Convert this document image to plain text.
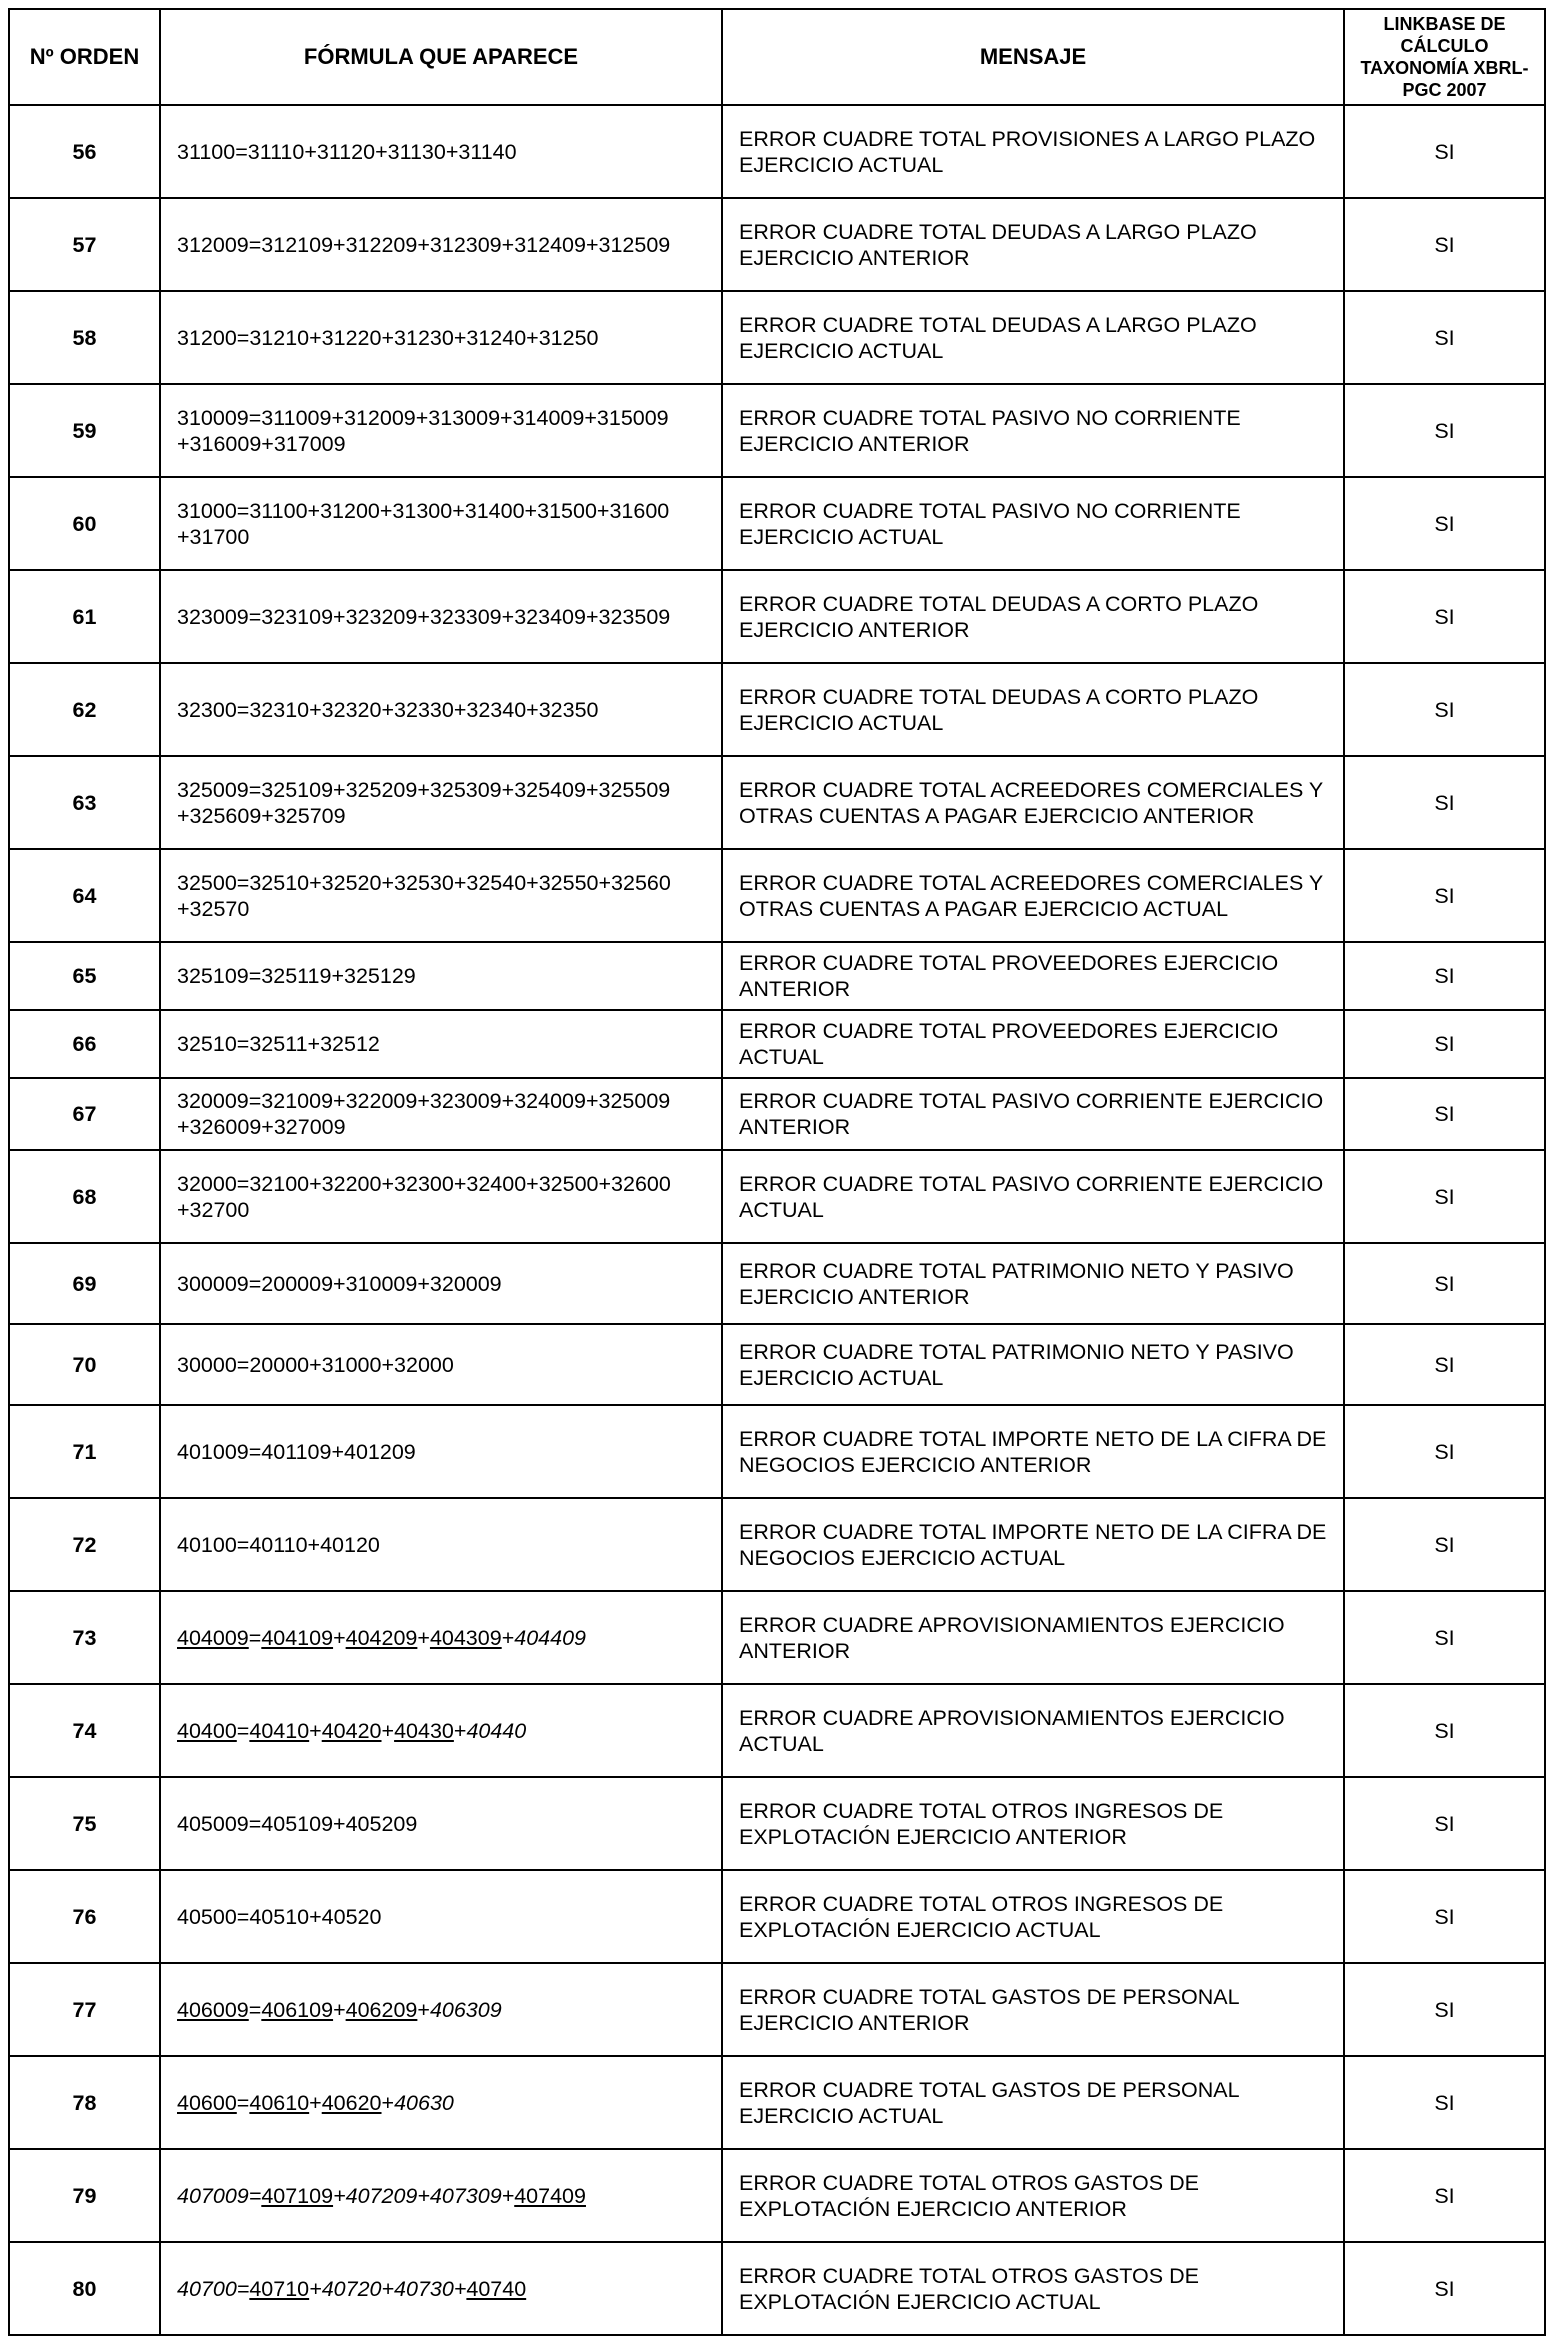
Nº ORDEN	FÓRMULA QUE APARECE	MENSAJE	LINKBASE DE CÁLCULO TAXONOMÍA XBRL-PGC 2007
56	31100=31110+31120+31130+31140	ERROR CUADRE TOTAL PROVISIONES A LARGO PLAZO EJERCICIO ACTUAL	SI
57	312009=312109+312209+312309+312409+312509	ERROR CUADRE TOTAL DEUDAS A LARGO PLAZO EJERCICIO ANTERIOR	SI
58	31200=31210+31220+31230+31240+31250	ERROR CUADRE TOTAL DEUDAS A LARGO PLAZO EJERCICIO ACTUAL	SI
59	310009=311009+312009+313009+314009+315009 +316009+317009	ERROR CUADRE TOTAL PASIVO NO CORRIENTE EJERCICIO ANTERIOR	SI
60	31000=31100+31200+31300+31400+31500+31600 +31700	ERROR CUADRE TOTAL PASIVO NO CORRIENTE EJERCICIO ACTUAL	SI
61	323009=323109+323209+323309+323409+323509	ERROR CUADRE TOTAL DEUDAS A CORTO PLAZO EJERCICIO ANTERIOR	SI
62	32300=32310+32320+32330+32340+32350	ERROR CUADRE TOTAL DEUDAS A CORTO PLAZO EJERCICIO ACTUAL	SI
63	325009=325109+325209+325309+325409+325509 +325609+325709	ERROR CUADRE TOTAL ACREEDORES COMERCIALES Y OTRAS CUENTAS A PAGAR EJERCICIO ANTERIOR	SI
64	32500=32510+32520+32530+32540+32550+32560 +32570	ERROR CUADRE TOTAL ACREEDORES COMERCIALES Y OTRAS CUENTAS A PAGAR EJERCICIO ACTUAL	SI
65	325109=325119+325129	ERROR CUADRE TOTAL PROVEEDORES EJERCICIO ANTERIOR	SI
66	32510=32511+32512	ERROR CUADRE TOTAL PROVEEDORES EJERCICIO ACTUAL	SI
67	320009=321009+322009+323009+324009+325009 +326009+327009	ERROR CUADRE TOTAL PASIVO CORRIENTE EJERCICIO ANTERIOR	SI
68	32000=32100+32200+32300+32400+32500+32600 +32700	ERROR CUADRE TOTAL PASIVO CORRIENTE EJERCICIO ACTUAL	SI
69	300009=200009+310009+320009	ERROR CUADRE TOTAL PATRIMONIO NETO Y PASIVO EJERCICIO ANTERIOR	SI
70	30000=20000+31000+32000	ERROR CUADRE TOTAL PATRIMONIO NETO Y PASIVO EJERCICIO ACTUAL	SI
71	401009=401109+401209	ERROR CUADRE TOTAL IMPORTE NETO DE LA CIFRA DE NEGOCIOS EJERCICIO ANTERIOR	SI
72	40100=40110+40120	ERROR CUADRE TOTAL IMPORTE NETO DE LA CIFRA DE NEGOCIOS EJERCICIO ACTUAL	SI
73	404009=404109+404209+404309+404409	ERROR CUADRE APROVISIONAMIENTOS EJERCICIO ANTERIOR	SI
74	40400=40410+40420+40430+40440	ERROR CUADRE APROVISIONAMIENTOS EJERCICIO ACTUAL	SI
75	405009=405109+405209	ERROR CUADRE TOTAL OTROS INGRESOS DE EXPLOTACIÓN EJERCICIO ANTERIOR	SI
76	40500=40510+40520	ERROR CUADRE TOTAL OTROS INGRESOS DE EXPLOTACIÓN EJERCICIO ACTUAL	SI
77	406009=406109+406209+406309	ERROR CUADRE TOTAL GASTOS DE PERSONAL EJERCICIO ANTERIOR	SI
78	40600=40610+40620+40630	ERROR CUADRE TOTAL GASTOS DE PERSONAL EJERCICIO ACTUAL	SI
79	407009=407109+407209+407309+407409	ERROR CUADRE TOTAL OTROS GASTOS DE EXPLOTACIÓN EJERCICIO ANTERIOR	SI
80	40700=40710+40720+40730+40740	ERROR CUADRE TOTAL OTROS GASTOS DE EXPLOTACIÓN EJERCICIO ACTUAL	SI
